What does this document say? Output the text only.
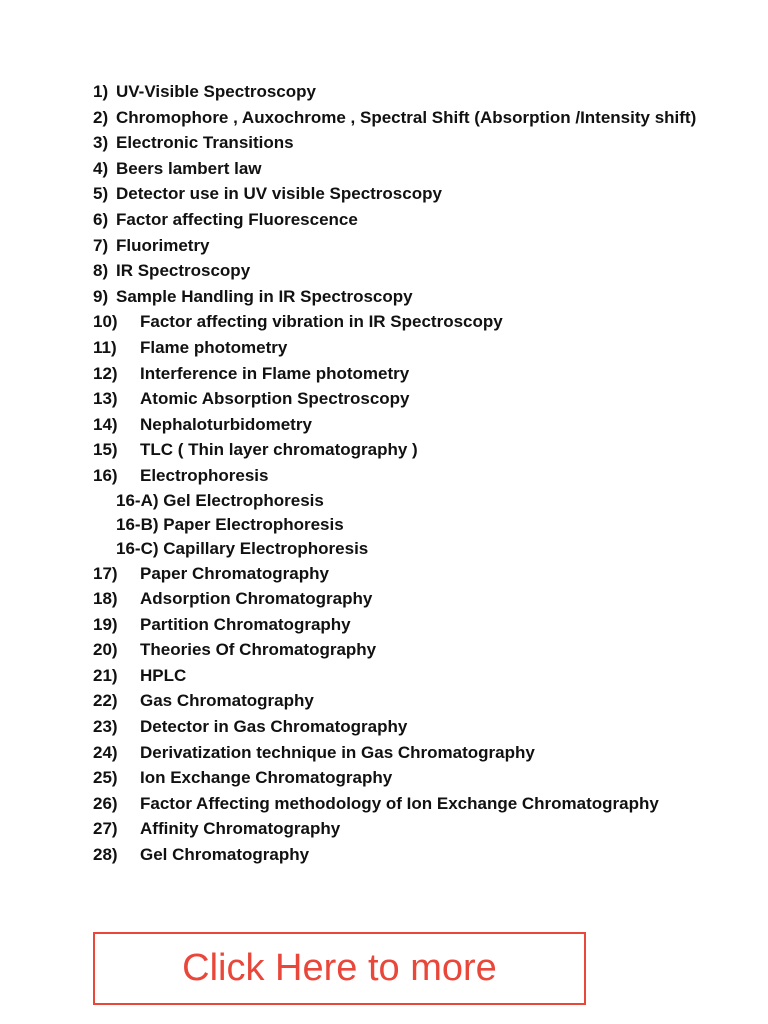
1) UV-Visible Spectroscopy
2) Chromophore , Auxochrome , Spectral Shift (Absorption /Intensity shift)
3) Electronic Transitions
4) Beers lambert law
5) Detector use in UV visible Spectroscopy
6) Factor affecting Fluorescence
7) Fluorimetry
8) IR Spectroscopy
9) Sample Handling in IR Spectroscopy
10) Factor affecting vibration in IR Spectroscopy
11) Flame photometry
12) Interference in Flame photometry
13) Atomic Absorption Spectroscopy
14) Nephaloturbidometry
15) TLC ( Thin layer chromatography )
16) Electrophoresis
16-A) Gel Electrophoresis
16-B) Paper Electrophoresis
16-C) Capillary Electrophoresis
17) Paper Chromatography
18) Adsorption Chromatography
19) Partition Chromatography
20) Theories Of Chromatography
21) HPLC
22) Gas Chromatography
23) Detector in Gas Chromatography
24) Derivatization technique in Gas Chromatography
25) Ion Exchange Chromatography
26) Factor Affecting methodology of Ion Exchange Chromatography
27) Affinity Chromatography
28) Gel Chromatography
Click Here to more
